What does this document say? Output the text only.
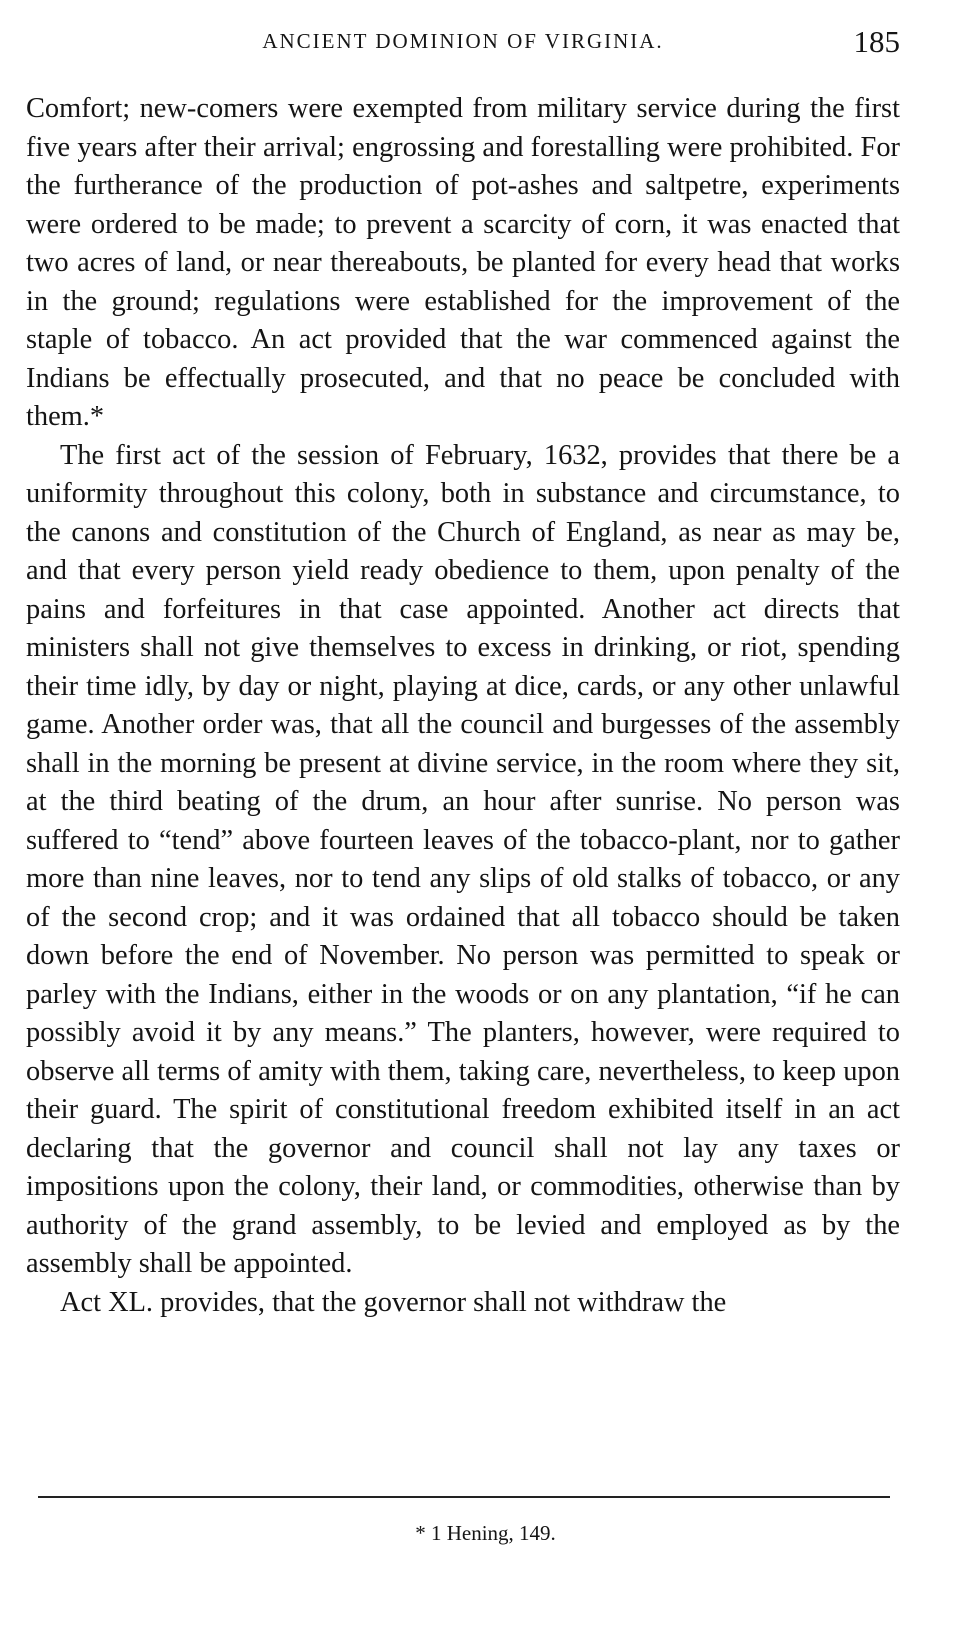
ANCIENT DOMINION OF VIRGINIA.	185

Comfort; new-comers were exempted from military service during the first five years after their arrival; engrossing and forestalling were prohibited. For the furtherance of the production of pot-ashes and saltpetre, experiments were ordered to be made; to prevent a scarcity of corn, it was enacted that two acres of land, or near thereabouts, be planted for every head that works in the ground; regulations were established for the improvement of the staple of tobacco. An act provided that the war commenced against the Indians be effectually prosecuted, and that no peace be concluded with them.*

The first act of the session of February, 1632, provides that there be a uniformity throughout this colony, both in substance and circumstance, to the canons and constitution of the Church of England, as near as may be, and that every person yield ready obedience to them, upon penalty of the pains and forfeitures in that case appointed. Another act directs that ministers shall not give themselves to excess in drinking, or riot, spending their time idly, by day or night, playing at dice, cards, or any other unlawful game. Another order was, that all the council and burgesses of the assembly shall in the morning be present at divine service, in the room where they sit, at the third beating of the drum, an hour after sunrise. No person was suffered to “tend” above fourteen leaves of the tobacco-plant, nor to gather more than nine leaves, nor to tend any slips of old stalks of tobacco, or any of the second crop; and it was ordained that all tobacco should be taken down before the end of November. No person was permitted to speak or parley with the Indians, either in the woods or on any plantation, “if he can possibly avoid it by any means.” The planters, however, were required to observe all terms of amity with them, taking care, nevertheless, to keep upon their guard. The spirit of constitutional freedom exhibited itself in an act declaring that the governor and council shall not lay any taxes or impositions upon the colony, their land, or commodities, otherwise than by authority of the grand assembly, to be levied and employed as by the assembly shall be appointed.

Act XL. provides, that the governor shall not withdraw the

* 1 Hening, 149.
